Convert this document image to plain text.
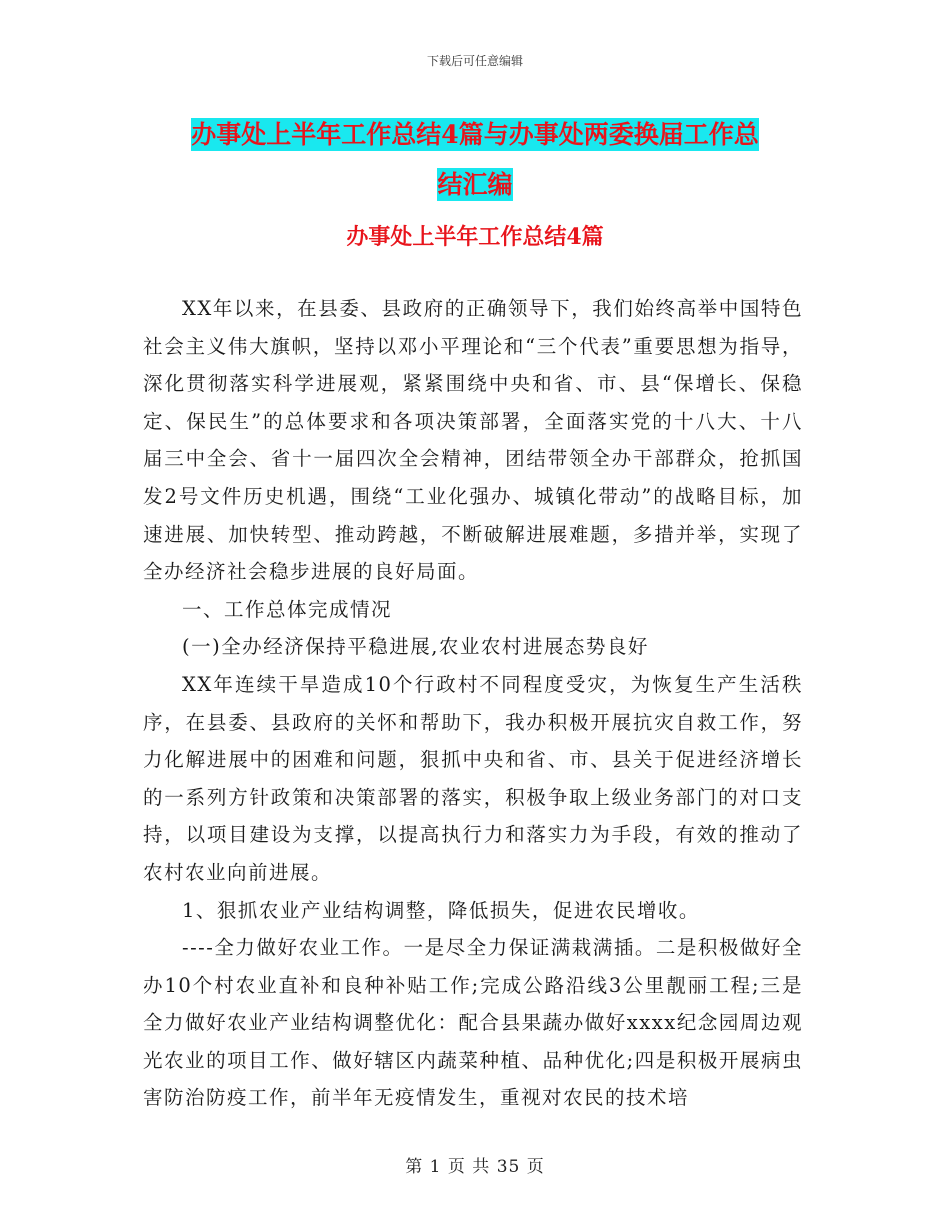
下载后可任意编辑
办事处上半年工作总结4篇与办事处两委换届工作总
结汇编
办事处上半年工作总结4篇

XX年以来，在县委、县政府的正确领导下，我们始终高举中国特色社会主义伟大旗帜，坚持以邓小平理论和“三个代表”重要思想为指导，深化贯彻落实科学进展观，紧紧围绕中央和省、市、县“保增长、保稳定、保民生”的总体要求和各项决策部署，全面落实党的十八大、十八届三中全会、省十一届四次全会精神，团结带领全办干部群众，抢抓国发2号文件历史机遇，围绕“工业化强办、城镇化带动”的战略目标，加速进展、加快转型、推动跨越，不断破解进展难题，多措并举，实现了全办经济社会稳步进展的良好局面。

一、工作总体完成情况

(一)全办经济保持平稳进展,农业农村进展态势良好

XX年连续干旱造成10个行政村不同程度受灾，为恢复生产生活秩序，在县委、县政府的关怀和帮助下，我办积极开展抗灾自救工作，努力化解进展中的困难和问题，狠抓中央和省、市、县关于促进经济增长的一系列方针政策和决策部署的落实，积极争取上级业务部门的对口支持，以项目建设为支撑，以提高执行力和落实力为手段，有效的推动了农村农业向前进展。

1、狠抓农业产业结构调整，降低损失，促进农民增收。

----全力做好农业工作。一是尽全力保证满栽满插。二是积极做好全办10个村农业直补和良种补贴工作;完成公路沿线3公里靓丽工程;三是全力做好农业产业结构调整优化：配合县果蔬办做好xxxx纪念园周边观光农业的项目工作、做好辖区内蔬菜种植、品种优化;四是积极开展病虫害防治防疫工作，前半年无疫情发生，重视对农民的技术培

第 1 页 共 35 页
